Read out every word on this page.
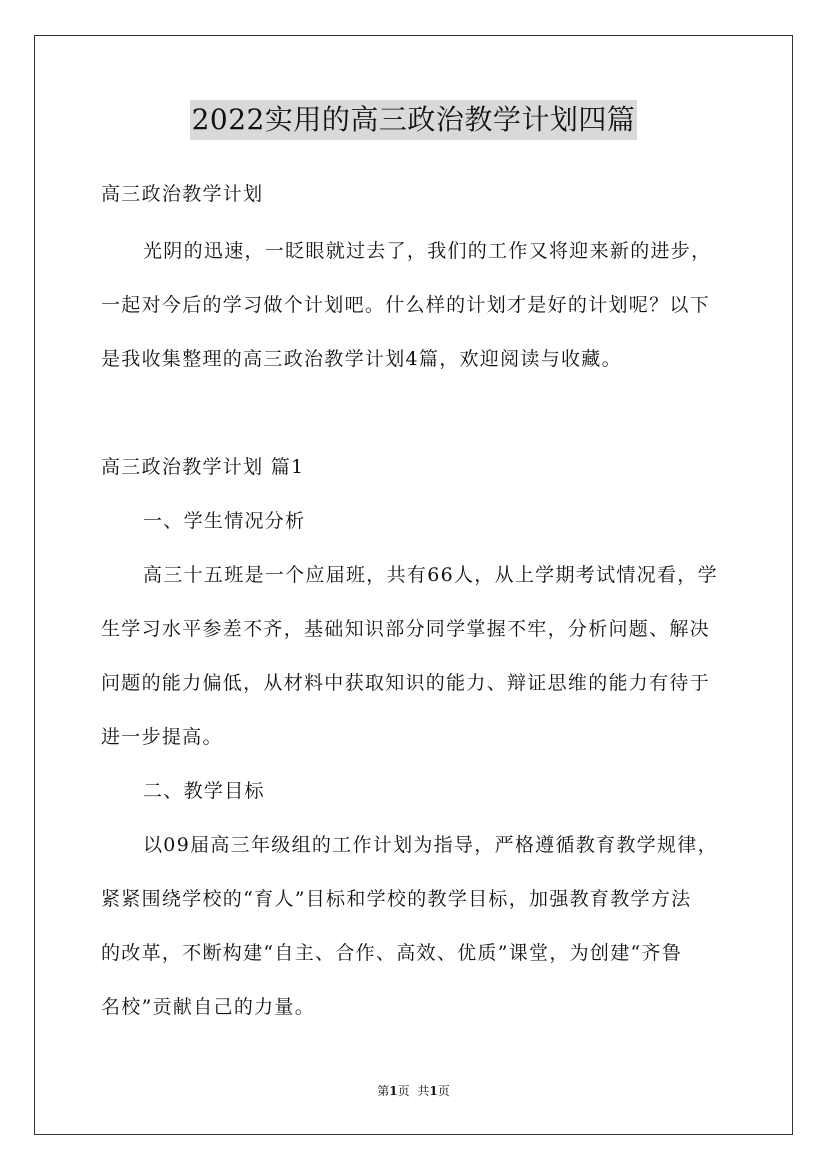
2022实用的高三政治教学计划四篇
高三政治教学计划
光阴的迅速，一眨眼就过去了，我们的工作又将迎来新的进步，
一起对今后的学习做个计划吧。什么样的计划才是好的计划呢？以下
是我收集整理的高三政治教学计划4篇，欢迎阅读与收藏。
高三政治教学计划 篇1
一、学生情况分析
高三十五班是一个应届班，共有66人，从上学期考试情况看，学
生学习水平参差不齐，基础知识部分同学掌握不牢，分析问题、解决
问题的能力偏低，从材料中获取知识的能力、辩证思维的能力有待于
进一步提高。
二、教学目标
以09届高三年级组的工作计划为指导，严格遵循教育教学规律，
紧紧围绕学校的“育人”目标和学校的教学目标，加强教育教学方法
的改革，不断构建“自主、合作、高效、优质”课堂，为创建“齐鲁
名校”贡献自己的力量。
第1页 共1页
